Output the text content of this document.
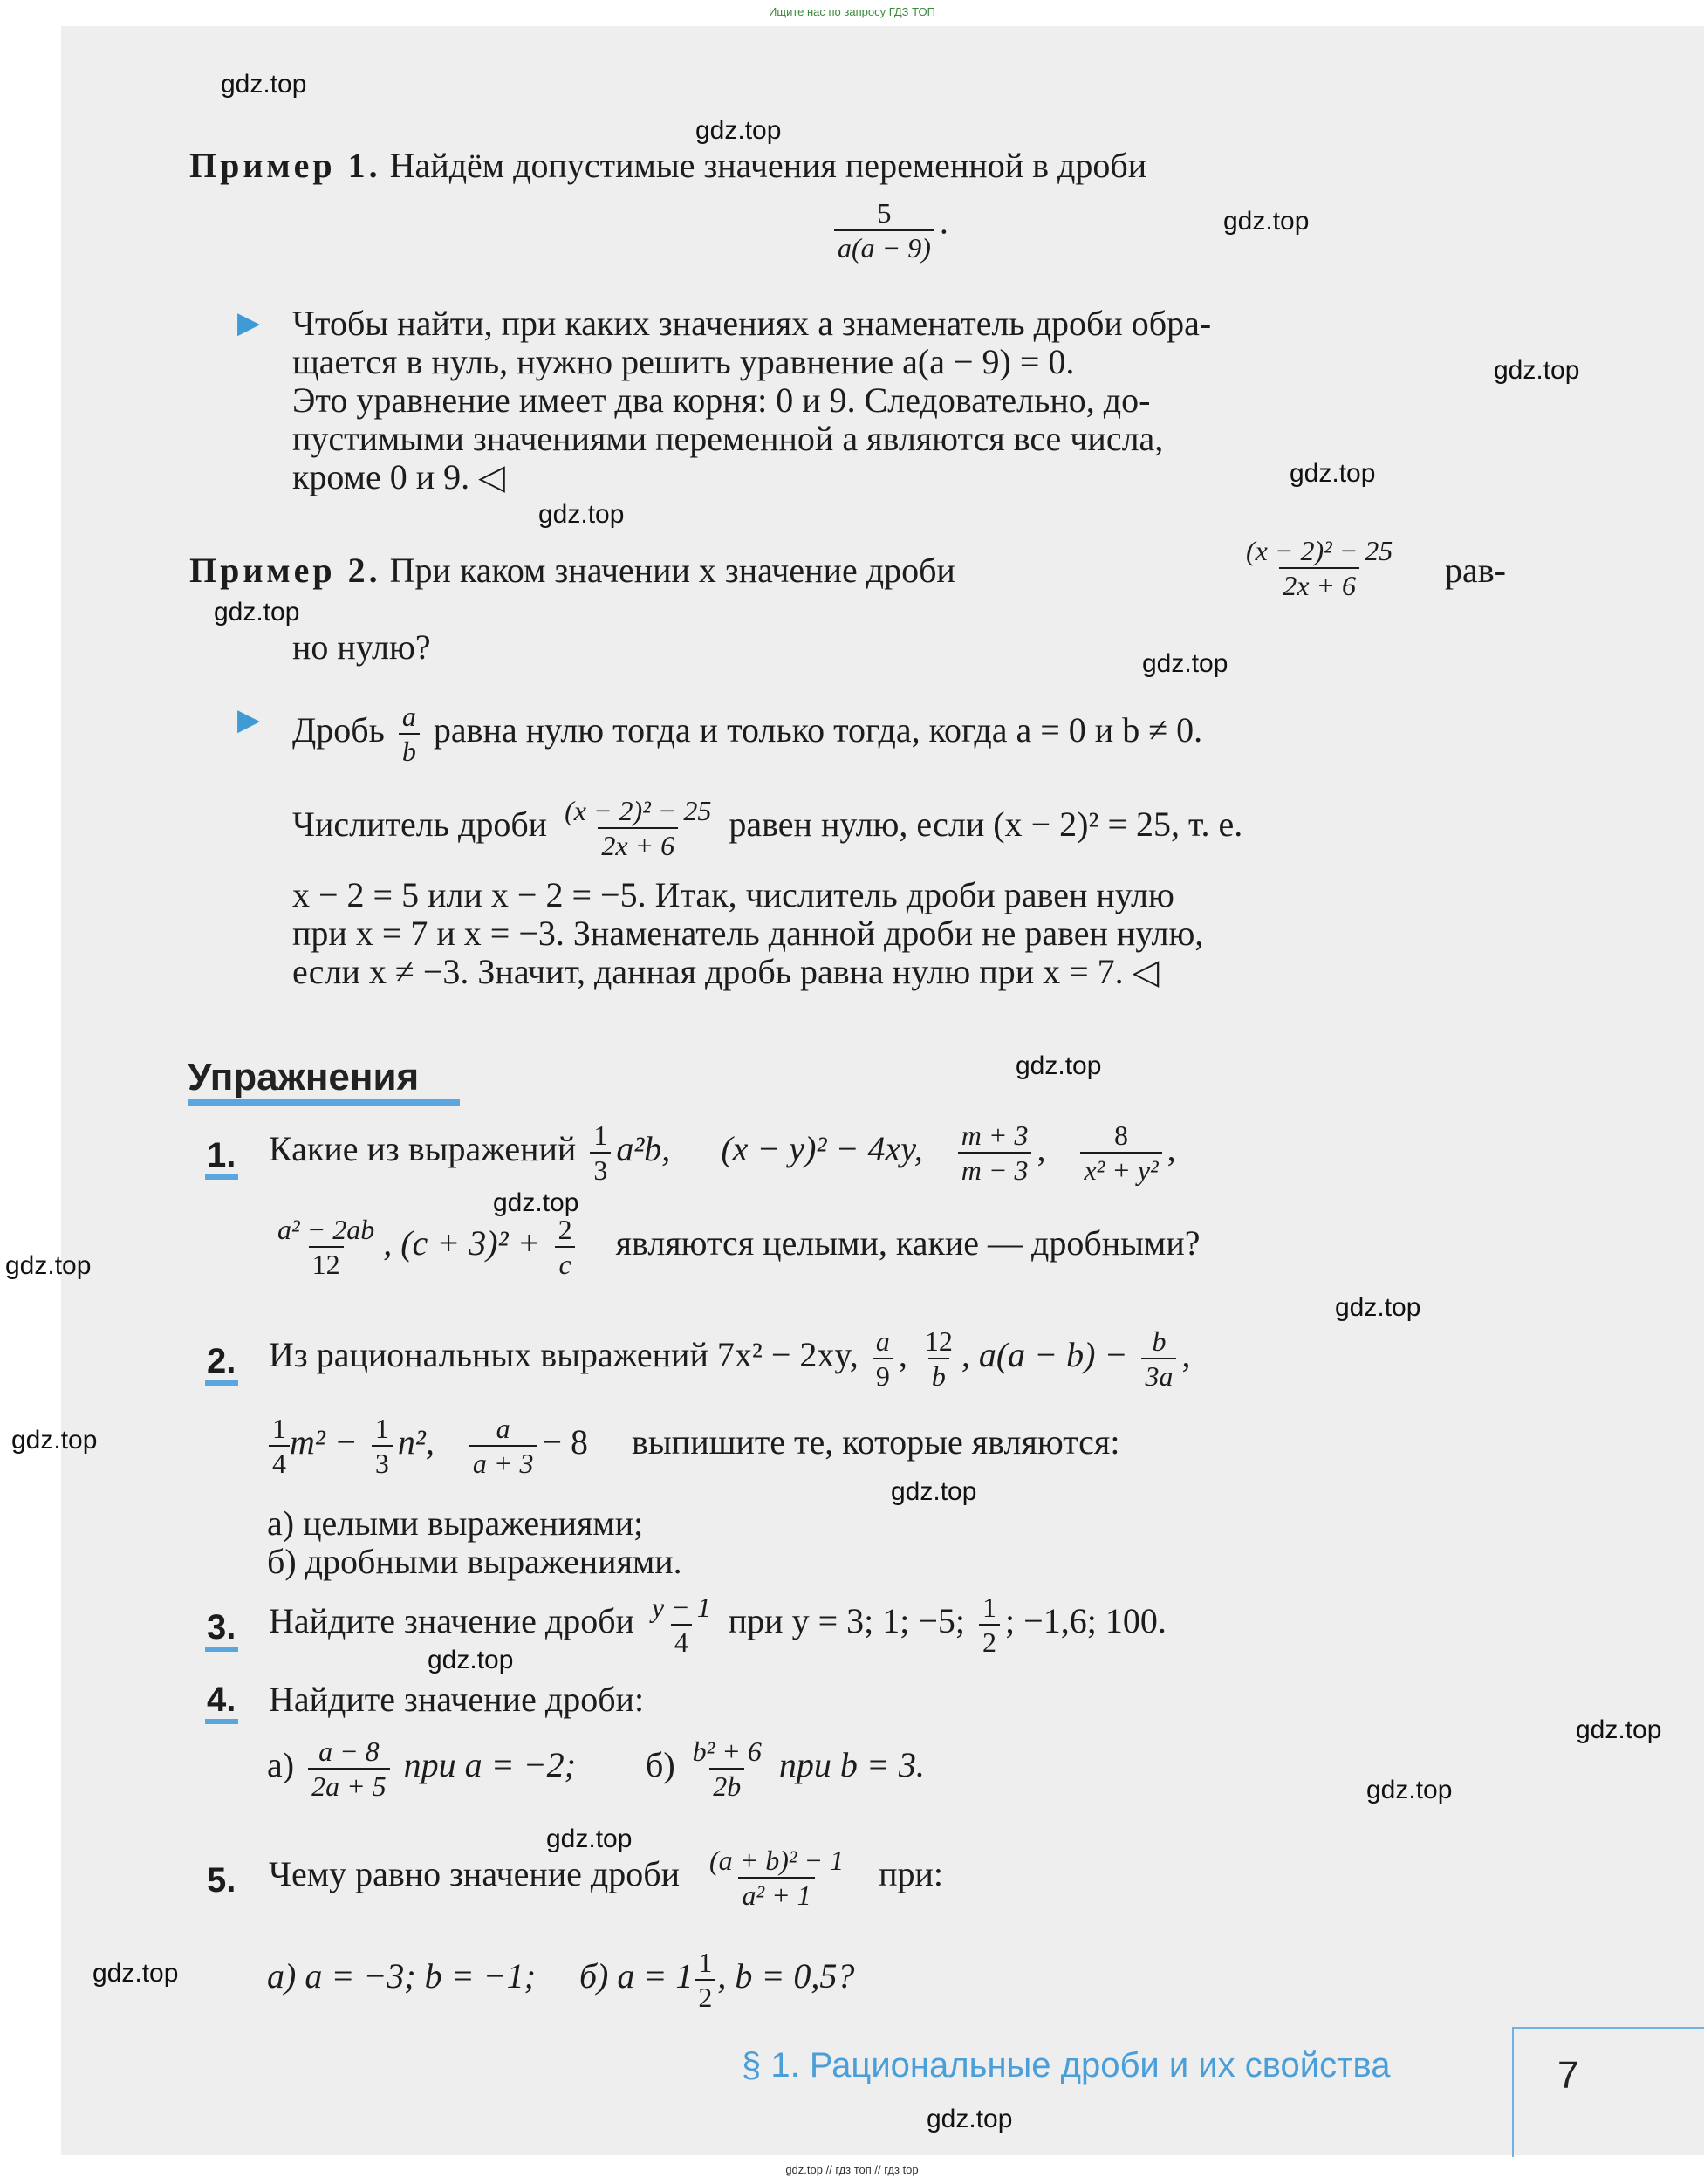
Ищите нас по запросу ГДЗ ТОП
gdz.top
gdz.top
gdz.top
gdz.top
gdz.top
gdz.top
gdz.top
gdz.top
gdz.top
gdz.top
gdz.top
gdz.top
gdz.top
gdz.top
gdz.top
gdz.top
gdz.top
gdz.top
gdz.top
gdz.top
Пример 1. Найдём допустимые значения переменной в дроби
$\frac{5}{a(a - 9)}$ .
▶ Чтобы найти, при каких значениях a знаменатель дроби обра-
щается в нуль, нужно решить уравнение a(a − 9) = 0.
Это уравнение имеет два корня: 0 и 9. Следовательно, до-
пустимыми значениями переменной a являются все числа,
кроме 0 и 9. ◁
Пример 2. При каком значении x значение дроби	$\frac{\text{(x − 2)² − 25}}{2x + 6} рав-$
но нулю?
▶ Дробь $\frac{a}{b}$ равна нулю тогда и только тогда, когда a = 0 и b ≠ 0.
Числитель дроби $\frac{\text{(x − 2)² − 25}}{2x + 6}$ равен нулю, если (x − 2)² = 25, т. е.
x − 2 = 5 или x − 2 = −5. Итак, числитель дроби равен нулю
при x = 7 и x = −3. Знаменатель данной дроби не равен нулю,
если x ≠ −3. Значит, данная дробь равна нулю при x = 7. ◁
Упражнения
1. Какие из выражений $\frac{1}{3} a^2b$, (x − y)² − 4xy, $\frac{m + 3}{m - 3}$ , $\frac{8}{\text{x² + y²}}$ ,
$\frac{\text{a² − 2ab}}{12}$ , $(c + 3)^2 + \frac{2}{c}$ являются целыми, какие — дробными?
2. Из рациональных выражений 7x² − 2xy, $\frac{a}{9}$ , $\frac{12}{b}$ , $a(a - b) - \frac{b}{3a}$ ,
$\frac{1}{4} m^2 - \frac{1}{3} n^2$, $\frac{a}{a + 3} - 8$ выпишите те, которые являются:
а) целыми выражениями;
б) дробными выражениями.
3. Найдите значение дроби $\frac{y - 1}{4}$ при y = 3; 1; −5; $\frac{1}{2}$ ; −1,6; 100.
4. Найдите значение дроби:
$а) \frac{a - 8}{2a + 5}$ при a = −2; $б) \frac{\text{b² + 6}}{2b}$ при b = 3.
5. Чему равно значение дроби $\frac{\text{(a + b)² − 1}}{\text{a² + 1}}$ при:
а) a = −3; b = −1; б) $a = 1 \frac{1}{2}$ , b = 0,5?
§ 1. Рациональные дроби и их свойства	7
gdz.top // гдз топ // гдз top
